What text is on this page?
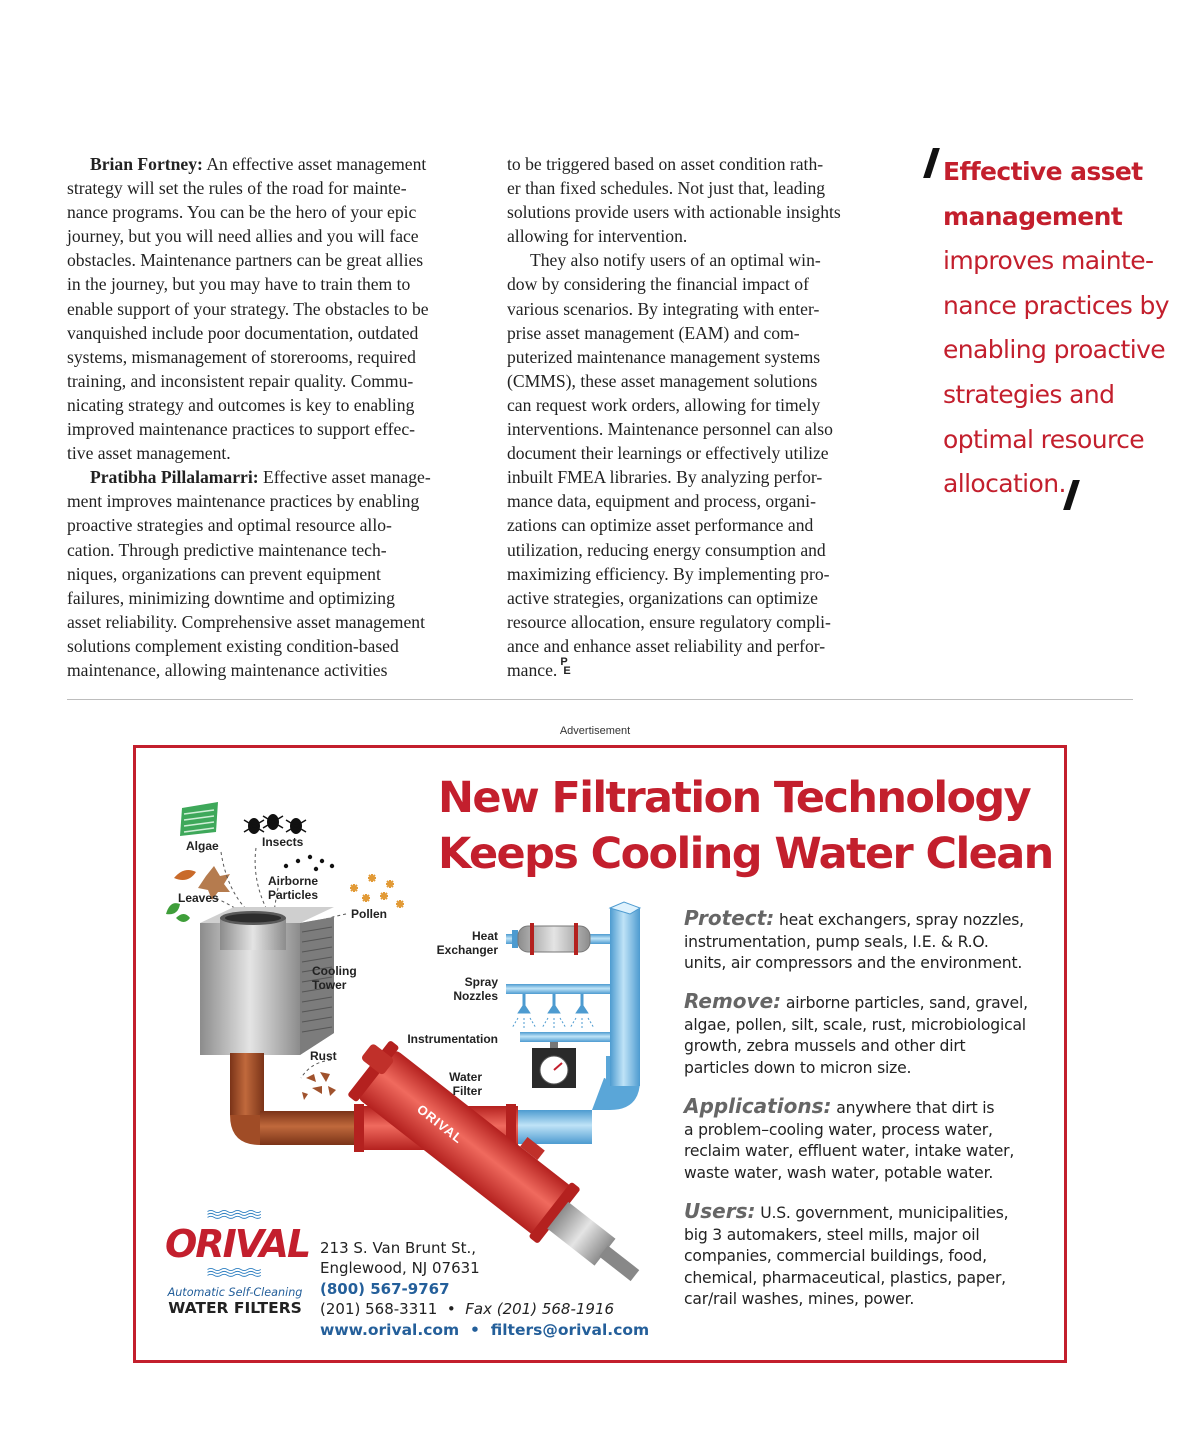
Brian Fortney: An effective asset management

strategy will set the rules of the road for mainte-

nance programs. You can be the hero of your epic

journey, but you will need allies and you will face

obstacles. Maintenance partners can be great allies

in the journey, but you may have to train them to

enable support of your strategy. The obstacles to be

vanquished include poor documentation, outdated

systems, mismanagement of storerooms, required

training, and inconsistent repair quality. Commu-

nicating strategy and outcomes is key to enabling

improved maintenance practices to support effec-

tive asset management.

Pratibha Pillalamarri: Effective asset manage-

ment improves maintenance practices by enabling

proactive strategies and optimal resource allo-

cation. Through predictive maintenance tech-

niques, organizations can prevent equipment

failures, minimizing downtime and optimizing

asset reliability. Comprehensive asset management

solutions complement existing condition-based

maintenance, allowing maintenance activities

to be triggered based on asset condition rath-

er than fixed schedules. Not just that, leading

solutions provide users with actionable insights

allowing for intervention.

They also notify users of an optimal win-

dow by considering the financial impact of

various scenarios. By integrating with enter-

prise asset management (EAM) and com-

puterized maintenance management systems

(CMMS), these asset management solutions

can request work orders, allowing for timely

interventions. Maintenance personnel can also

document their learnings or effectively utilize

inbuilt FMEA libraries. By analyzing perfor-

mance data, equipment and process, organi-

zations can optimize asset performance and

utilization, reducing energy consumption and

maximizing efficiency. By implementing pro-

active strategies, organizations can optimize

resource allocation, ensure regulatory compli-

ance and enhance asset reliability and perfor-

mance. P
E

Effective asset

management

improves mainte-

nance practices by

enabling proactive

strategies and

optimal resource

allocation.

Advertisement
ORIVAL
Algae	Insects
Airborne
Particles
Leaves
Pollen
Cooling
Tower
Rust
Heat
Exchanger
Spray
Nozzles
Instrumentation
Water
Filter
New Filtration Technology
Keeps Cooling Water Clean

Protect: heat exchangers, spray nozzles,

instrumentation, pump seals, I.E. & R.O.

units, air compressors and the environment.

Remove: airborne particles, sand, gravel,

algae, pollen, silt, scale, rust, microbiological

growth, zebra mussels and other dirt

particles down to micron size.

Applications: anywhere that dirt is

a problem–cooling water, process water,

reclaim water, effluent water, intake water,

waste water, wash water, potable water.

Users: U.S. government, municipalities,

big 3 automakers, steel mills, major oil

companies, commercial buildings, food,

chemical, pharmaceutical, plastics, paper,

car/rail washes, mines, power.

ORIVAL
Automatic Self-Cleaning
WATER FILTERS
213 S. Van Brunt St.,
Englewood, NJ 07631
(800) 567-9767
(201) 568-3311 • Fax (201) 568-1916
www.orival.com • filters@orival.com
